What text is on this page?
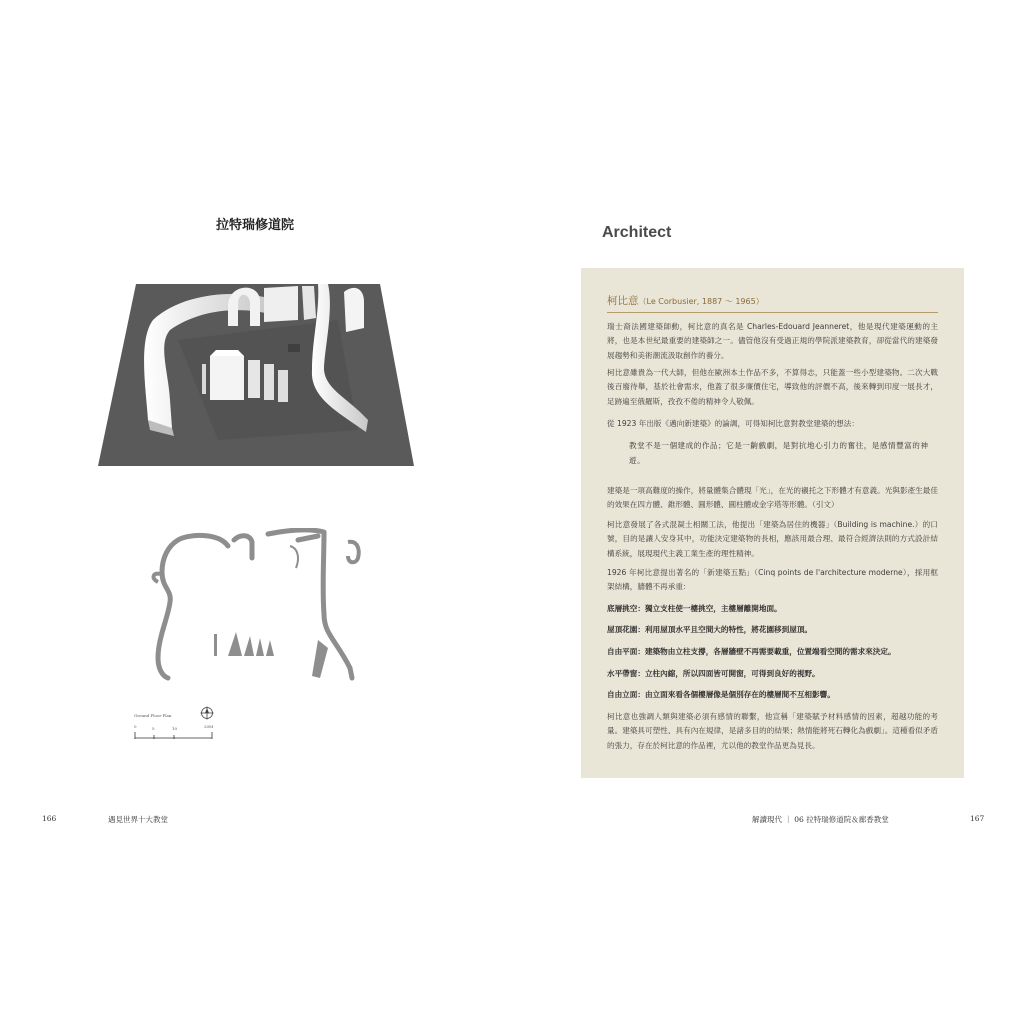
拉特瑞修道院
Ground Floor Plan
0	5	10	20M
166	遇見世界十大教堂
Architect
柯比意（Le Corbusier, 1887 ～ 1965）
瑞士裔法國建築師動，柯比意的真名是 Charles-Edouard Jeanneret，他是現代建築運動的主將，也是本世紀最重要的建築師之一。儘管他沒有受過正規的學院派建築教育，卻從當代的建築發展趨勢和美術潮流汲取創作的養分。
柯比意雖貴為一代大師，但他在歐洲本土作品不多，不算得志，只能蓋一些小型建築物。二次大戰後百廢待舉，基於社會需求，他蓋了很多廉價住宅，導致他的評價不高，後來轉到印度一展長才，足跡遍至俄羅斯，孜孜不倦的精神令人敬佩。
從 1923 年出版《邁向新建築》的論調，可得知柯比意對教堂建築的想法：
教堂不是一個建成的作品；它是一齣戲劇，是對抗地心引力的奮往，是感情豐富的神遊。
建築是一項高難度的操作，將量體集合體現「光」，在光的襯托之下形體才有意義。光與影產生最佳的效果在四方體、錐形體、圓形體、圓柱體或金字塔等形體。（引文）
柯比意發展了各式混凝土相關工法，他提出「建築為居住的機器」（Building is machine.）的口號，目的是讓人安身其中，功能決定建築物的長相，應該用最合理、最符合經濟法則的方式設計結構系統，展現現代主義工業生產的理性精神。
1926 年柯比意提出著名的「新建築五點」（Cinq points de l'architecture moderne），採用框架結構，牆體不再承重：
底層挑空：獨立支柱使一樓挑空，主樓層離開地面。
屋頂花園：利用屋頂水平且空間大的特性，將花園移到屋頂。
自由平面：建築物由立柱支撐，各層牆壁不再需要載重，位置端看空間的需求來決定。
水平帶窗：立柱內縮，所以四面皆可開窗，可得到良好的視野。
自由立面：由立面來看各個樓層像是個別存在的樓層間不互相影響。
柯比意也強調人類與建築必須有感情的聯繫，他宣稱「建築賦予材料感情的因素，超越功能的考量。建築具可塑性、具有內在規律，是諸多目的的結果；熱情能將死石轉化為戲劇」。這種看似矛盾的張力，存在於柯比意的作品裡，尤以他的教堂作品更為見長。
解讀現代 ｜ 06 拉特瑞修道院＆廊香教堂	167
